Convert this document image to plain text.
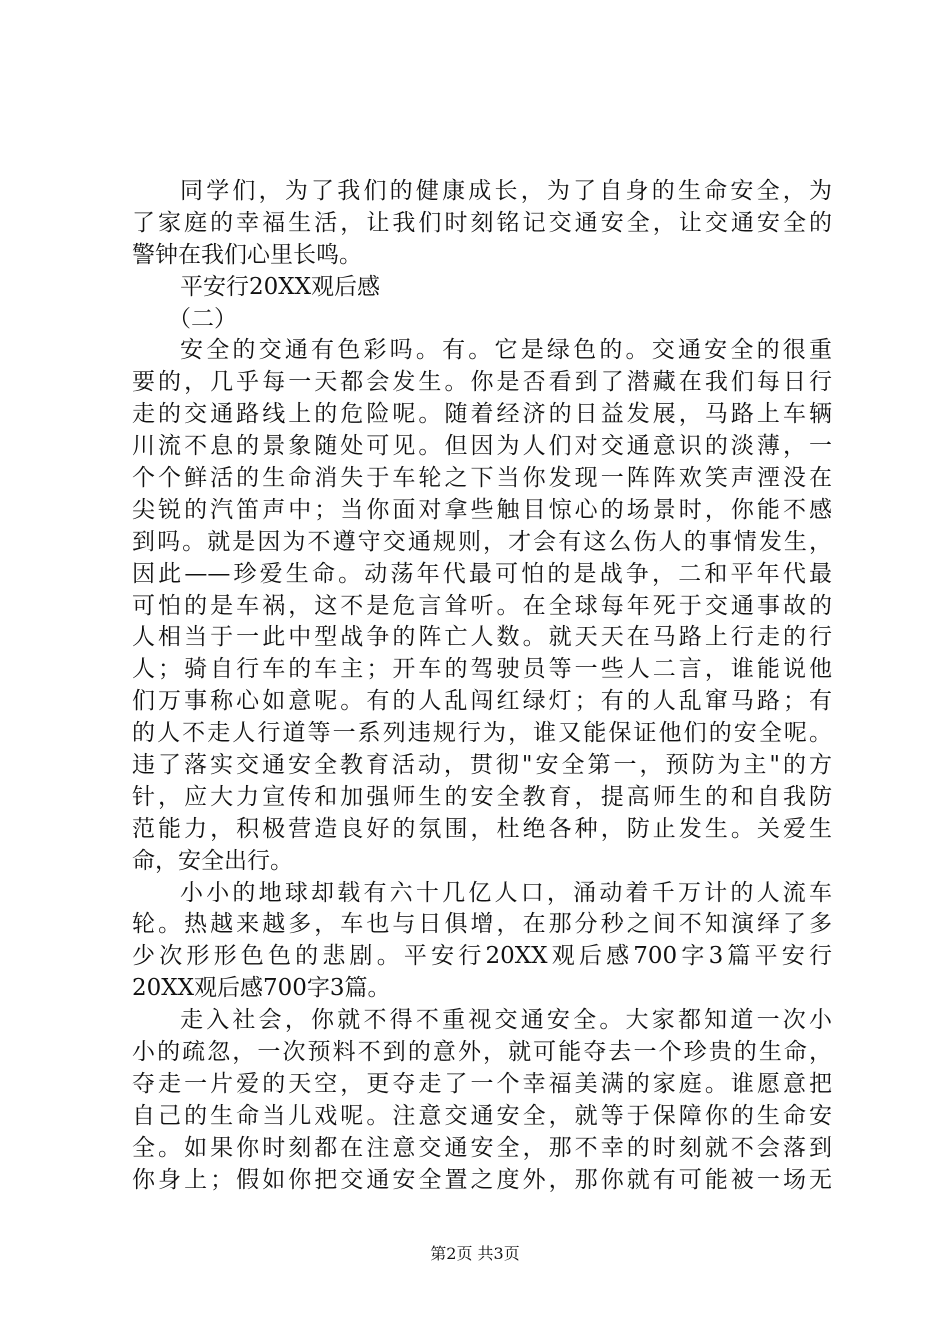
同学们，为了我们的健康成长，为了自身的生命安全，为
了家庭的幸福生活，让我们时刻铭记交通安全，让交通安全的
警钟在我们心里长鸣。
平安行20XX观后感
（二）
安全的交通有色彩吗。有。它是绿色的。交通安全的很重
要的，几乎每一天都会发生。你是否看到了潜藏在我们每日行
走的交通路线上的危险呢。随着经济的日益发展，马路上车辆
川流不息的景象随处可见。但因为人们对交通意识的淡薄，一
个个鲜活的生命消失于车轮之下当你发现一阵阵欢笑声湮没在
尖锐的汽笛声中；当你面对拿些触目惊心的场景时，你能不感
到吗。就是因为不遵守交通规则，才会有这么伤人的事情发生，
因此——珍爱生命。动荡年代最可怕的是战争，二和平年代最
可怕的是车祸，这不是危言耸听。在全球每年死于交通事故的
人相当于一此中型战争的阵亡人数。就天天在马路上行走的行
人；骑自行车的车主；开车的驾驶员等一些人二言，谁能说他
们万事称心如意呢。有的人乱闯红绿灯；有的人乱窜马路；有
的人不走人行道等一系列违规行为，谁又能保证他们的安全呢。
违了落实交通安全教育活动，贯彻"安全第一，预防为主"的方
针，应大力宣传和加强师生的安全教育，提高师生的和自我防
范能力，积极营造良好的氛围，杜绝各种，防止发生。关爱生
命，安全出行。
小小的地球却载有六十几亿人口，涌动着千万计的人流车
轮。热越来越多，车也与日俱增，在那分秒之间不知演绎了多
少次形形色色的悲剧。平安行20XX观后感700字3篇平安行
20XX观后感700字3篇。
走入社会，你就不得不重视交通安全。大家都知道一次小
小的疏忽，一次预料不到的意外，就可能夺去一个珍贵的生命，
夺走一片爱的天空，更夺走了一个幸福美满的家庭。谁愿意把
自己的生命当儿戏呢。注意交通安全，就等于保障你的生命安
全。如果你时刻都在注意交通安全，那不幸的时刻就不会落到
你身上；假如你把交通安全置之度外，那你就有可能被一场无
第2页 共3页
